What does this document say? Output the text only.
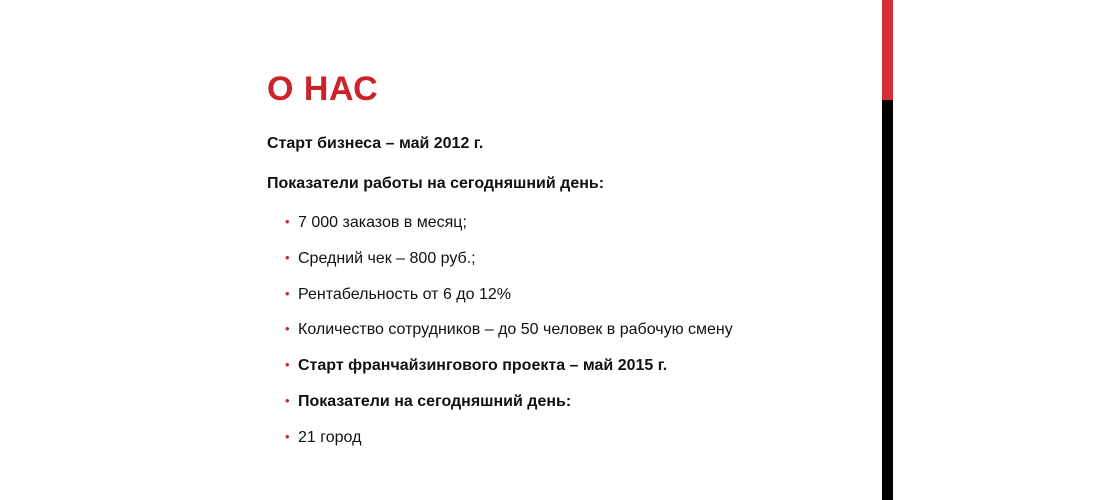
О НАС

Старт бизнеса – май 2012 г.

Показатели работы на сегодняшний день:

• 7 000 заказов в месяц;
• Средний чек – 800 руб.;
• Рентабельность от 6 до 12%
• Количество сотрудников – до 50 человек в рабочую смену
• Старт франчайзингового проекта – май 2015 г.
• Показатели на сегодняшний день:
• 21 город
